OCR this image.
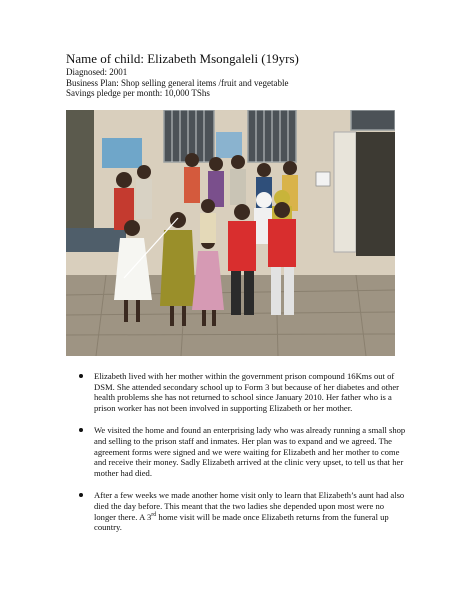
Name of child: Elizabeth Msongaleli (19yrs)
Diagnosed: 2001
Business Plan: Shop selling general items /fruit and vegetable
Savings pledge per month: 10,000 TShs
Elizabeth lived with her mother within the government prison compound 16Kms out of DSM. She attended secondary school up to Form 3 but because of her diabetes and other health problems she has not returned to school since January 2010. Her father who is a prison worker has not been involved in supporting Elizabeth or her mother.
We visited the home and found an enterprising lady who was already running a small shop and selling to the prison staff and inmates. Her plan was to expand and we agreed. The agreement forms were signed and we were waiting for Elizabeth and her mother to come and receive their money. Sadly Elizabeth arrived at the clinic very upset, to tell us that her mother had died.
After a few weeks we made another home visit only to learn that Elizabeth’s aunt had also died the day before. This meant that the two ladies she depended upon most were no longer there. A 3rd home visit will be made once Elizabeth returns from the funeral up country.
